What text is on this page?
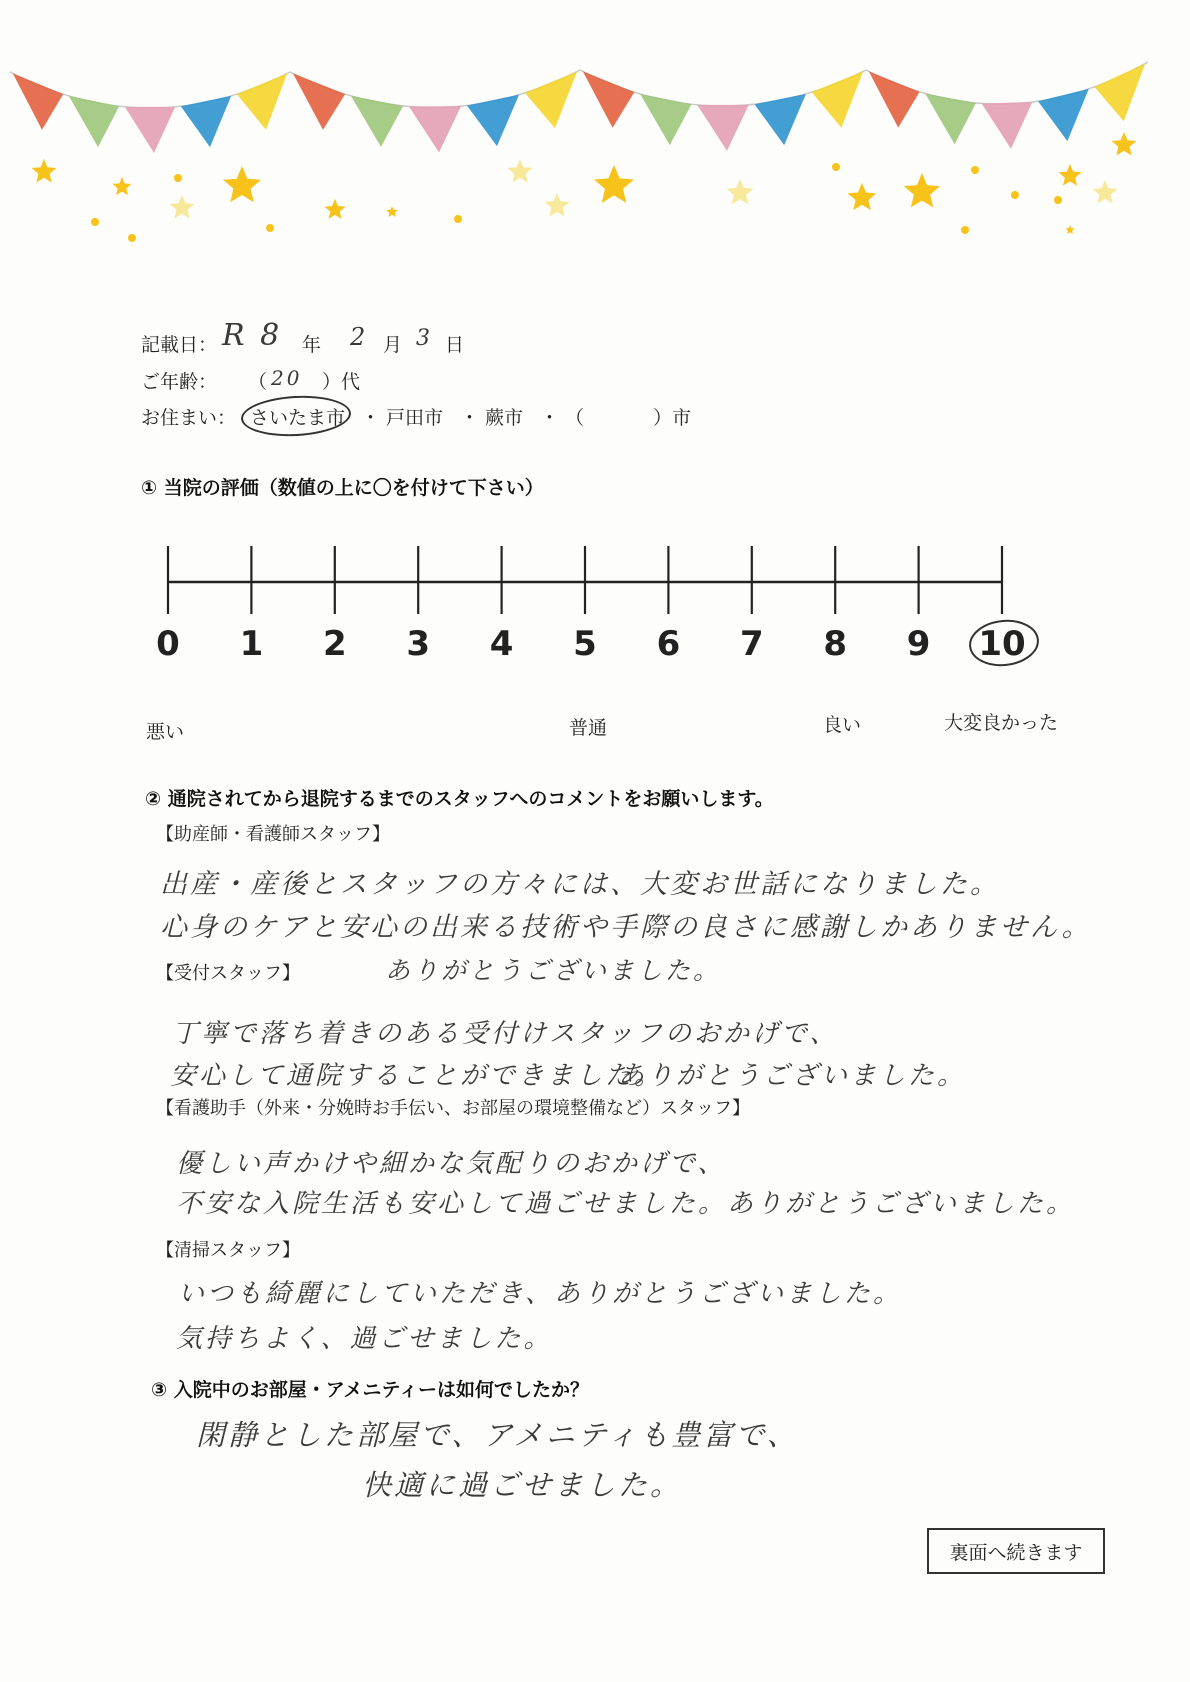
記載日： R 8 年 2 月 3 日
ご年齢： （ 20 ）代
お住まい： さいたま市 ・ 戸田市 ・ 蕨市 ・ （	）市
① 当院の評価（数値の上に〇を付けて下さい）
0 1 2 3 4 5 6 7 8 9 10
悪い	普通	良い	大変良かった
② 通院されてから退院するまでのスタッフへのコメントをお願いします。
【助産師・看護師スタッフ】
出産・産後とスタッフの方々には、大変お世話になりました。
心身のケアと安心の出来る技術や手際の良さに感謝しかありません。
【受付スタッフ】	ありがとうございました。
丁寧で落ち着きのある受付けスタッフのおかげで、
安心して通院することができました。
ありがとうございました。
【看護助手（外来・分娩時お手伝い、お部屋の環境整備など）スタッフ】
優しい声かけや細かな気配りのおかげで、
不安な入院生活も安心して過ごせました。ありがとうございました。
【清掃スタッフ】
いつも綺麗にしていただき、ありがとうございました。
気持ちよく、過ごせました。
③ 入院中のお部屋・アメニティーは如何でしたか？
閑静とした部屋で、アメニティも豊富で、
快適に過ごせました。
裏面へ続きます
